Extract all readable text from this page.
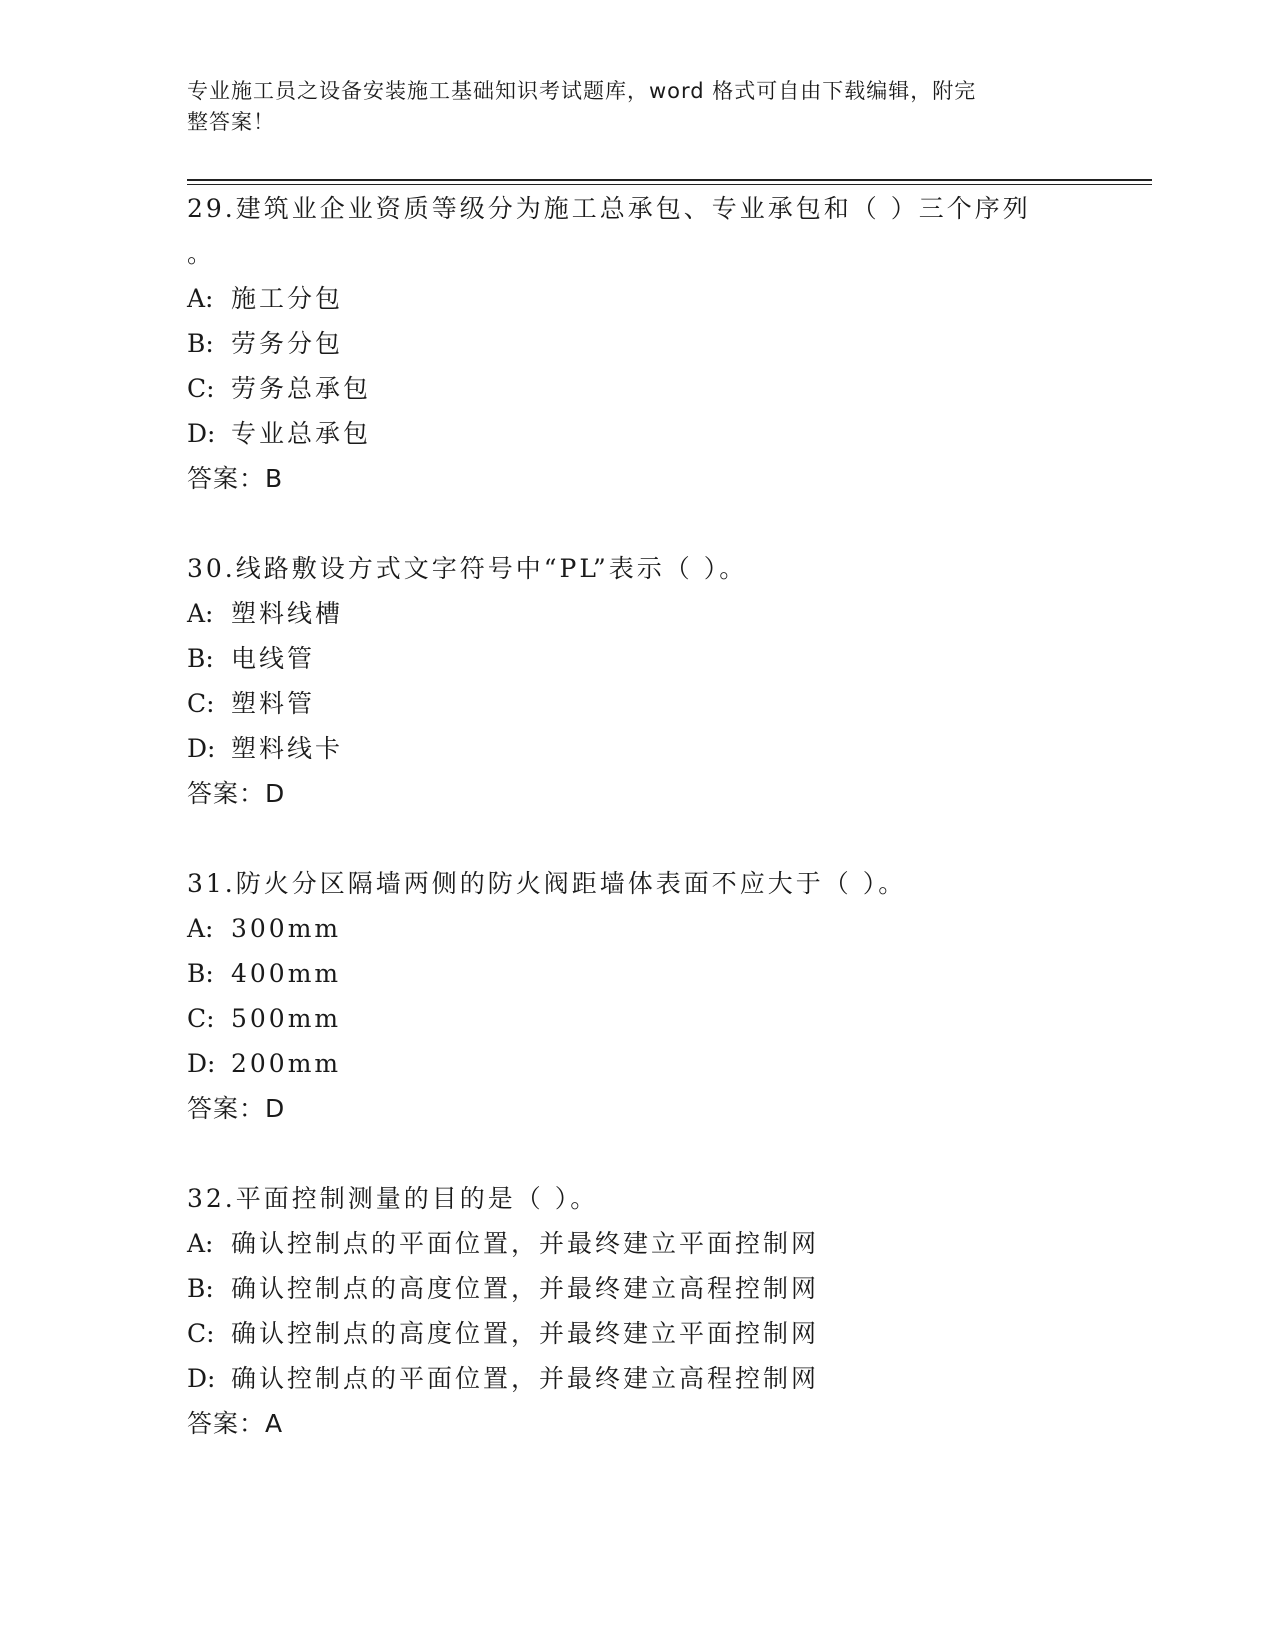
专业施工员之设备安装施工基础知识考试题库，word 格式可自由下载编辑，附完
整答案！
29.建筑业企业资质等级分为施工总承包、专业承包和（ ）三个序列
。
A: 施工分包
B: 劳务分包
C: 劳务总承包
D: 专业总承包
答案：B
30.线路敷设方式文字符号中“PL”表示（ ）。
A: 塑料线槽
B: 电线管
C: 塑料管
D: 塑料线卡
答案：D
31.防火分区隔墙两侧的防火阀距墙体表面不应大于（ ）。
A: 300mm
B: 400mm
C: 500mm
D: 200mm
答案：D
32.平面控制测量的目的是（ ）。
A: 确认控制点的平面位置，并最终建立平面控制网
B: 确认控制点的高度位置，并最终建立高程控制网
C: 确认控制点的高度位置，并最终建立平面控制网
D: 确认控制点的平面位置，并最终建立高程控制网
答案：A
